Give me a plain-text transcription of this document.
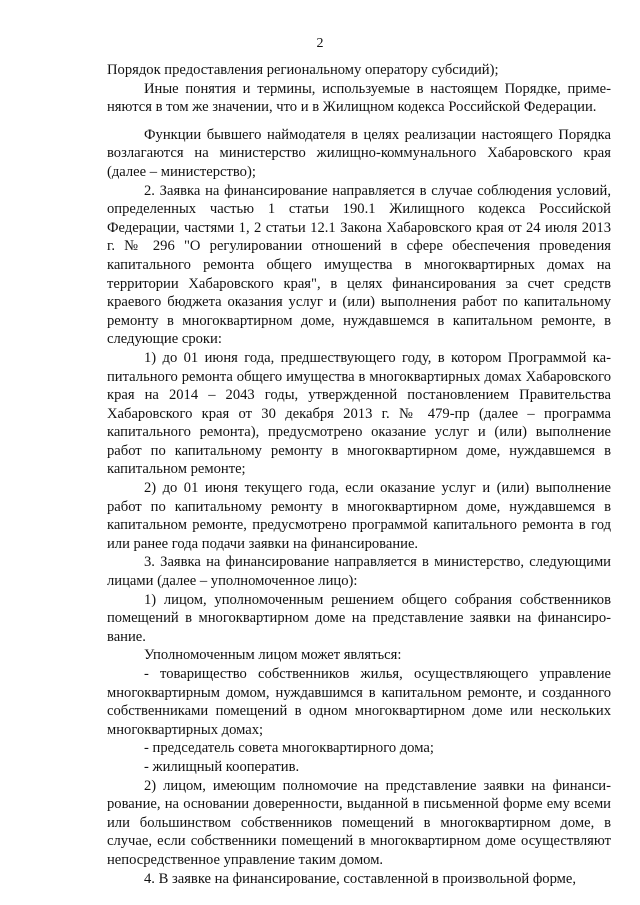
2

Порядок предоставления региональному оператору субсидий);

Иные понятия и термины, используемые в настоящем Порядке, применяются в том же значении, что и в Жилищном кодекса Российской Федерации.

Функции бывшего наймодателя в целях реализации настоящего Порядка возлагаются на министерство жилищно-коммунального Хабаровского края (далее – министерство);

2. Заявка на финансирование направляется в случае соблюдения условий, определенных частью 1 статьи 190.1 Жилищного кодекса Российской Федерации, частями 1, 2 статьи 12.1 Закона Хабаровского края от 24 июля 2013 г. № 296 "О регулировании отношений в сфере обеспечения проведения капитального ремонта общего имущества в многоквартирных домах на территории Хабаровского края", в целях финансирования за счет средств краевого бюджета оказания услуг и (или) выполнения работ по капитальному ремонту в многоквартирном доме, нуждавшемся в капитальном ремонте, в следующие сроки:

1) до 01 июня года, предшествующего году, в котором Программой капитального ремонта общего имущества в многоквартирных домах Хабаровского края на 2014 – 2043 годы, утвержденной постановлением Правительства Хабаровского края от 30 декабря 2013 г. № 479-пр (далее – программа капитального ремонта), предусмотрено оказание услуг и (или) выполнение работ по капитальному ремонту в многоквартирном доме, нуждавшемся в капитальном ремонте;

2) до 01 июня текущего года, если оказание услуг и (или) выполнение работ по капитальному ремонту в многоквартирном доме, нуждавшемся в капитальном ремонте, предусмотрено программой капитального ремонта в год или ранее года подачи заявки на финансирование.

3. Заявка на финансирование направляется в министерство, следующими лицами (далее – уполномоченное лицо):

1) лицом, уполномоченным решением общего собрания собственников помещений в многоквартирном доме на представление заявки на финансирование.

Уполномоченным лицом может являться:

- товарищество собственников жилья, осуществляющего управление многоквартирным домом, нуждавшимся в капитальном ремонте, и созданного собственниками помещений в одном многоквартирном доме или нескольких многоквартирных домах;

- председатель совета многоквартирного дома;

- жилищный кооператив.

2) лицом, имеющим полномочие на представление заявки на финансирование, на основании доверенности, выданной в письменной форме ему всеми или большинством собственников помещений в многоквартирном доме, в случае, если собственники помещений в многоквартирном доме осуществляют непосредственное управление таким домом.

4. В заявке на финансирование, составленной в произвольной форме,
